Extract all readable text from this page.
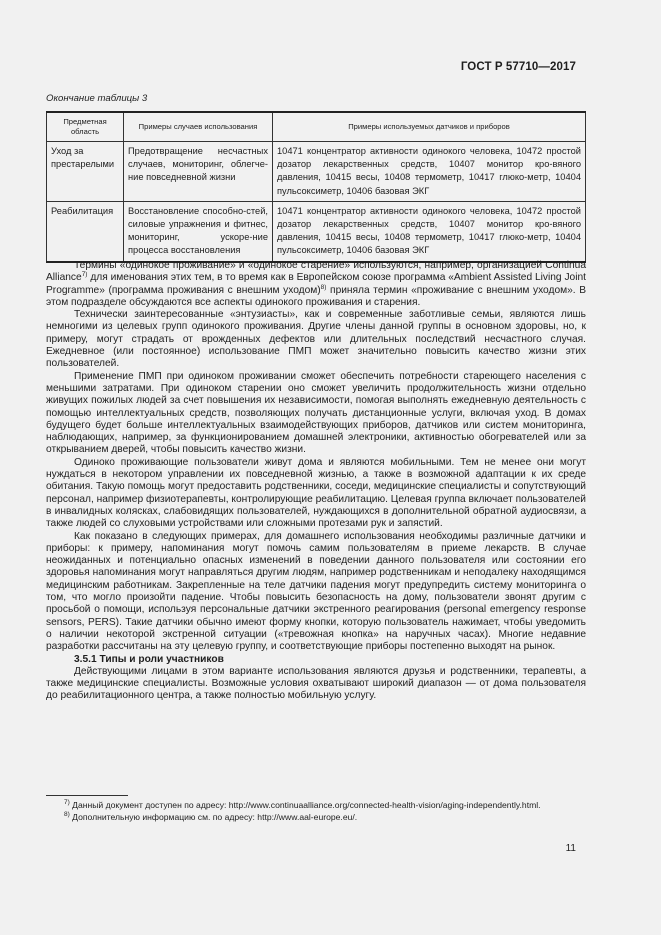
ГОСТ Р 57710—2017
Окончание таблицы 3
Предметная область	Примеры случаев использования	Примеры используемых датчиков и приборов
Уход за престарелыми	Предотвращение несчастных случаев, мониторинг, облегче-ние повседневной жизни	10471 концентратор активности одинокого человека, 10472 простой дозатор лекарственных средств, 10407 монитор кро-вяного давления, 10415 весы, 10408 термометр, 10417 глюко-метр, 10404 пульсоксиметр, 10406 базовая ЭКГ
Реабилитация	Восстановление способно-стей, силовые упражнения и фитнес, мониторинг, ускоре-ние процесса восстановления	10471 концентратор активности одинокого человека, 10472 простой дозатор лекарственных средств, 10407 монитор кро-вяного давления, 10415 весы, 10408 термометр, 10417 глюко-метр, 10404 пульсоксиметр, 10406 базовая ЭКГ

Термины «одинокое проживание» и «одинокое старение» используются, например, организацией Continua Alliance$^{7)}$ для именования этих тем, в то время как в Европейском союзе программа «Ambient Assisted Living Joint Programme» (программа проживания с внешним уходом)$^{8)}$ приняла термин «проживание с внешним уходом». В этом подразделе обсуждаются все аспекты одинокого проживания и старения.

Технически заинтересованные «энтузиасты», как и современные заботливые семьи, являются лишь немногими из целевых групп одинокого проживания. Другие члены данной группы в основном здоровы, но, к примеру, могут страдать от врожденных дефектов или длительных последствий несчастного случая. Ежедневное (или постоянное) использование ПМП может значительно повысить качество жизни этих пользователей.

Применение ПМП при одиноком проживании сможет обеспечить потребности стареющего населения с меньшими затратами. При одиноком старении оно сможет увеличить продолжительность жизни отдельно живущих пожилых людей за счет повышения их независимости, помогая выполнять ежедневную деятельность с помощью интеллектуальных средств, позволяющих получать дистанционные услуги, включая уход. В домах будущего будет больше интеллектуальных взаимодействующих приборов, датчиков или систем мониторинга, наблюдающих, например, за функционированием домашней электроники, активностью обогревателей или за открыванием дверей, чтобы повысить качество жизни.

Одиноко проживающие пользователи живут дома и являются мобильными. Тем не менее они могут нуждаться в некотором управлении их повседневной жизнью, а также в возможной адаптации к их среде обитания. Такую помощь могут предоставить родственники, соседи, медицинские специалисты и сопутствующий персонал, например физиотерапевты, контролирующие реабилитацию. Целевая группа включает пользователей в инвалидных колясках, слабовидящих пользователей, нуждающихся в дополнительной обратной аудиосвязи, а также людей со слуховыми устройствами или сложными протезами рук и запястий.

Как показано в следующих примерах, для домашнего использования необходимы различные датчики и приборы: к примеру, напоминания могут помочь самим пользователям в приеме лекарств. В случае неожиданных и потенциально опасных изменений в поведении данного пользователя или состоянии его здоровья напоминания могут направляться другим людям, например родственникам и неподалеку находящимся медицинским работникам. Закрепленные на теле датчики падения могут предупредить систему мониторинга о том, что могло произойти падение. Чтобы повысить безопасность на дому, пользователи звонят другим с просьбой о помощи, используя персональные датчики экстренного реагирования (personal emergency response sensors, PERS). Такие датчики обычно имеют форму кнопки, которую пользователь нажимает, чтобы уведомить о наличии некоторой экстренной ситуации («тревожная кнопка» на наручных часах). Многие недавние разработки рассчитаны на эту целевую группу, и соответствующие приборы постепенно выходят на рынок.

3.5.1 Типы и роли участников

Действующими лицами в этом варианте использования являются друзья и родственники, терапевты, а также медицинские специалисты. Возможные условия охватывают широкий диапазон — от дома пользователя до реабилитационного центра, а также полностью мобильную услугу.

$^{7)}$ Данный документ доступен по адресу: http://www.continuaalliance.org/connected-health-vision/aging-independently.html.

$^{8)}$ Дополнительную информацию см. по адресу: http://www.aal-europe.eu/.

11
